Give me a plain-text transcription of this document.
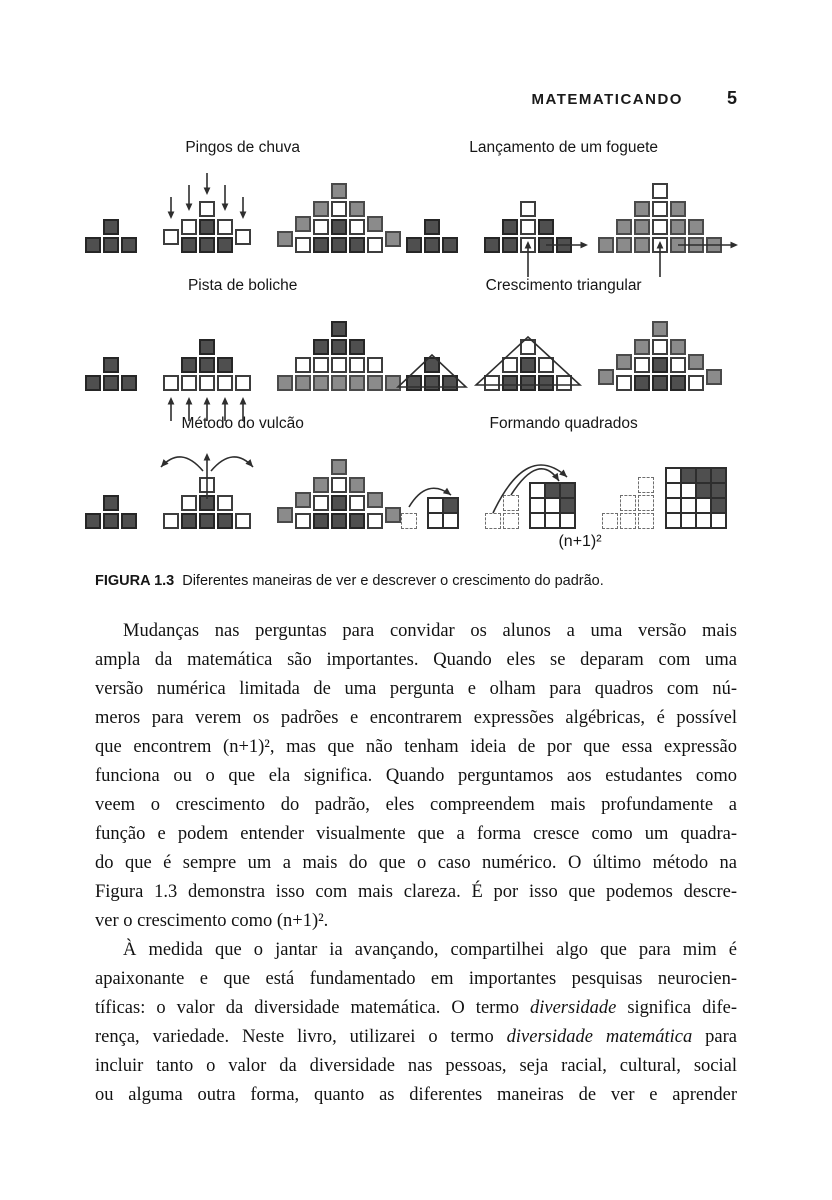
MATEMATICANDO 5
Pingos de chuva	Lançamento de um foguete
Pista de boliche	Crescimento triangular
Método do vulcão	Formando quadrados
(n+1)²

FIGURA 1.3 Diferentes maneiras de ver e descrever o crescimento do padrão.

Mudanças nas perguntas para convidar os alunos a uma versão mais
ampla da matemática são importantes. Quando eles se deparam com uma
versão numérica limitada de uma pergunta e olham para quadros com nú-
meros para verem os padrões e encontrarem expressões algébricas, é possível
que encontrem (n+1)², mas que não tenham ideia de por que essa expressão
funciona ou o que ela significa. Quando perguntamos aos estudantes como
veem o crescimento do padrão, eles compreendem mais profundamente a
função e podem entender visualmente que a forma cresce como um quadra-
do que é sempre um a mais do que o caso numérico. O último método na
Figura 1.3 demonstra isso com mais clareza. É por isso que podemos descre-
ver o crescimento como (n+1)².
À medida que o jantar ia avançando, compartilhei algo que para mim é
apaixonante e que está fundamentado em importantes pesquisas neurocien-
tíficas: o valor da diversidade matemática. O termo diversidade significa dife-
rença, variedade. Neste livro, utilizarei o termo diversidade matemática para
incluir tanto o valor da diversidade nas pessoas, seja racial, cultural, social
ou alguma outra forma, quanto as diferentes maneiras de ver e aprender
